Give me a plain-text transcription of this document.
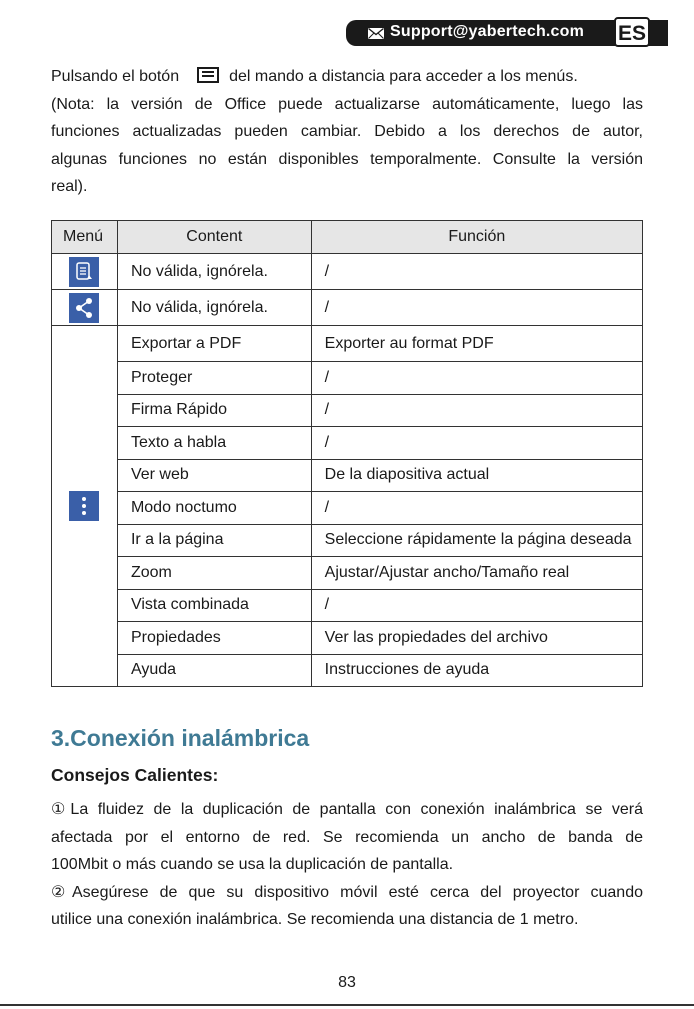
Support@yabertech.com ES
Pulsando el botón	del mando a distancia para acceder a los menús.
(Nota: la versión de Office puede actualizarse automáticamente, luego las
funciones actualizadas pueden cambiar. Debido a los derechos de autor,
algunas funciones no están disponibles temporalmente. Consulte la versión
real).
Menú	Content	Función

	No válida, ignórela.	/

	No válida, ignórela.	/

	Exportar a PDF	Exporter au format PDF
	Proteger	/
	Firma Rápido	/
	Texto a habla	/
	Ver web	De la diapositiva actual
	Modo noctumo	/
	Ir a la página	Seleccione rápidamente la página deseada
	Zoom	Ajustar/Ajustar ancho/Tamaño real
	Vista combinada	/
	Propiedades	Ver las propiedades del archivo
	Ayuda	Instrucciones de ayuda
3.Conexión inalámbrica
Consejos Calientes:
①La fluidez de la duplicación de pantalla con conexión inalámbrica se verá
afectada por el entorno de red. Se recomienda un ancho de banda de
100Mbit o más cuando se usa la duplicación de pantalla.
②Asegúrese de que su dispositivo móvil esté cerca del proyector cuando
utilice una conexión inalámbrica. Se recomienda una distancia de 1 metro.
83
